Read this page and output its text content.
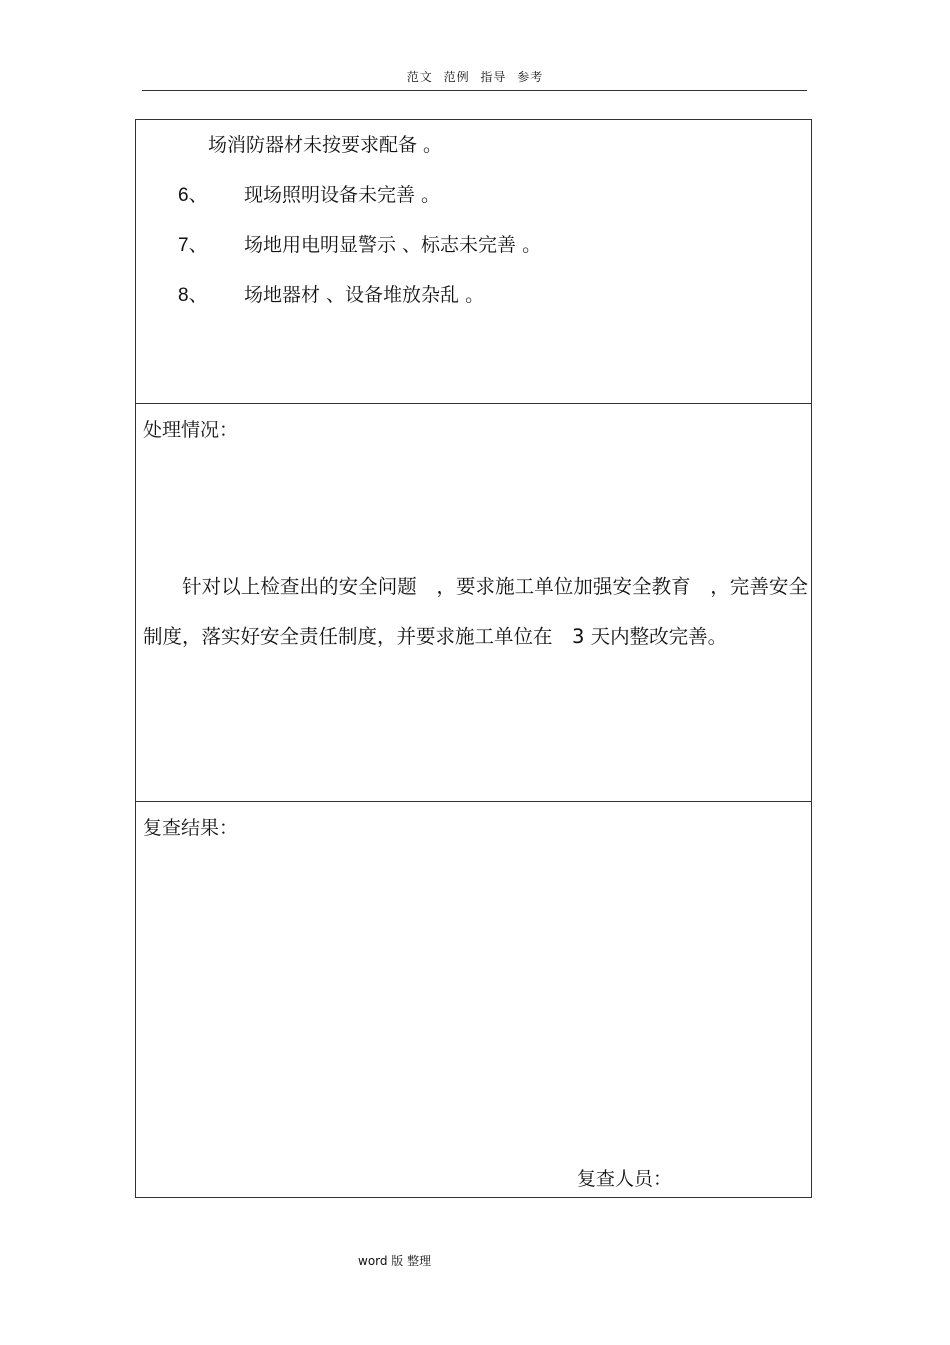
范文 范例 指导 参考
场消防器材未按要求配备 。
6、 现场照明设备未完善 。
7、 场地用电明显警示 、标志未完善 。
8、 场地器材 、设备堆放杂乱 。
处理情况：
　　针对以上检查出的安全问题　，要求施工单位加强安全教育　，完善安全制度，落实好安全责任制度，并要求施工单位在　3 天内整改完善。
复查结果：
复查人员：
word 版 整理
